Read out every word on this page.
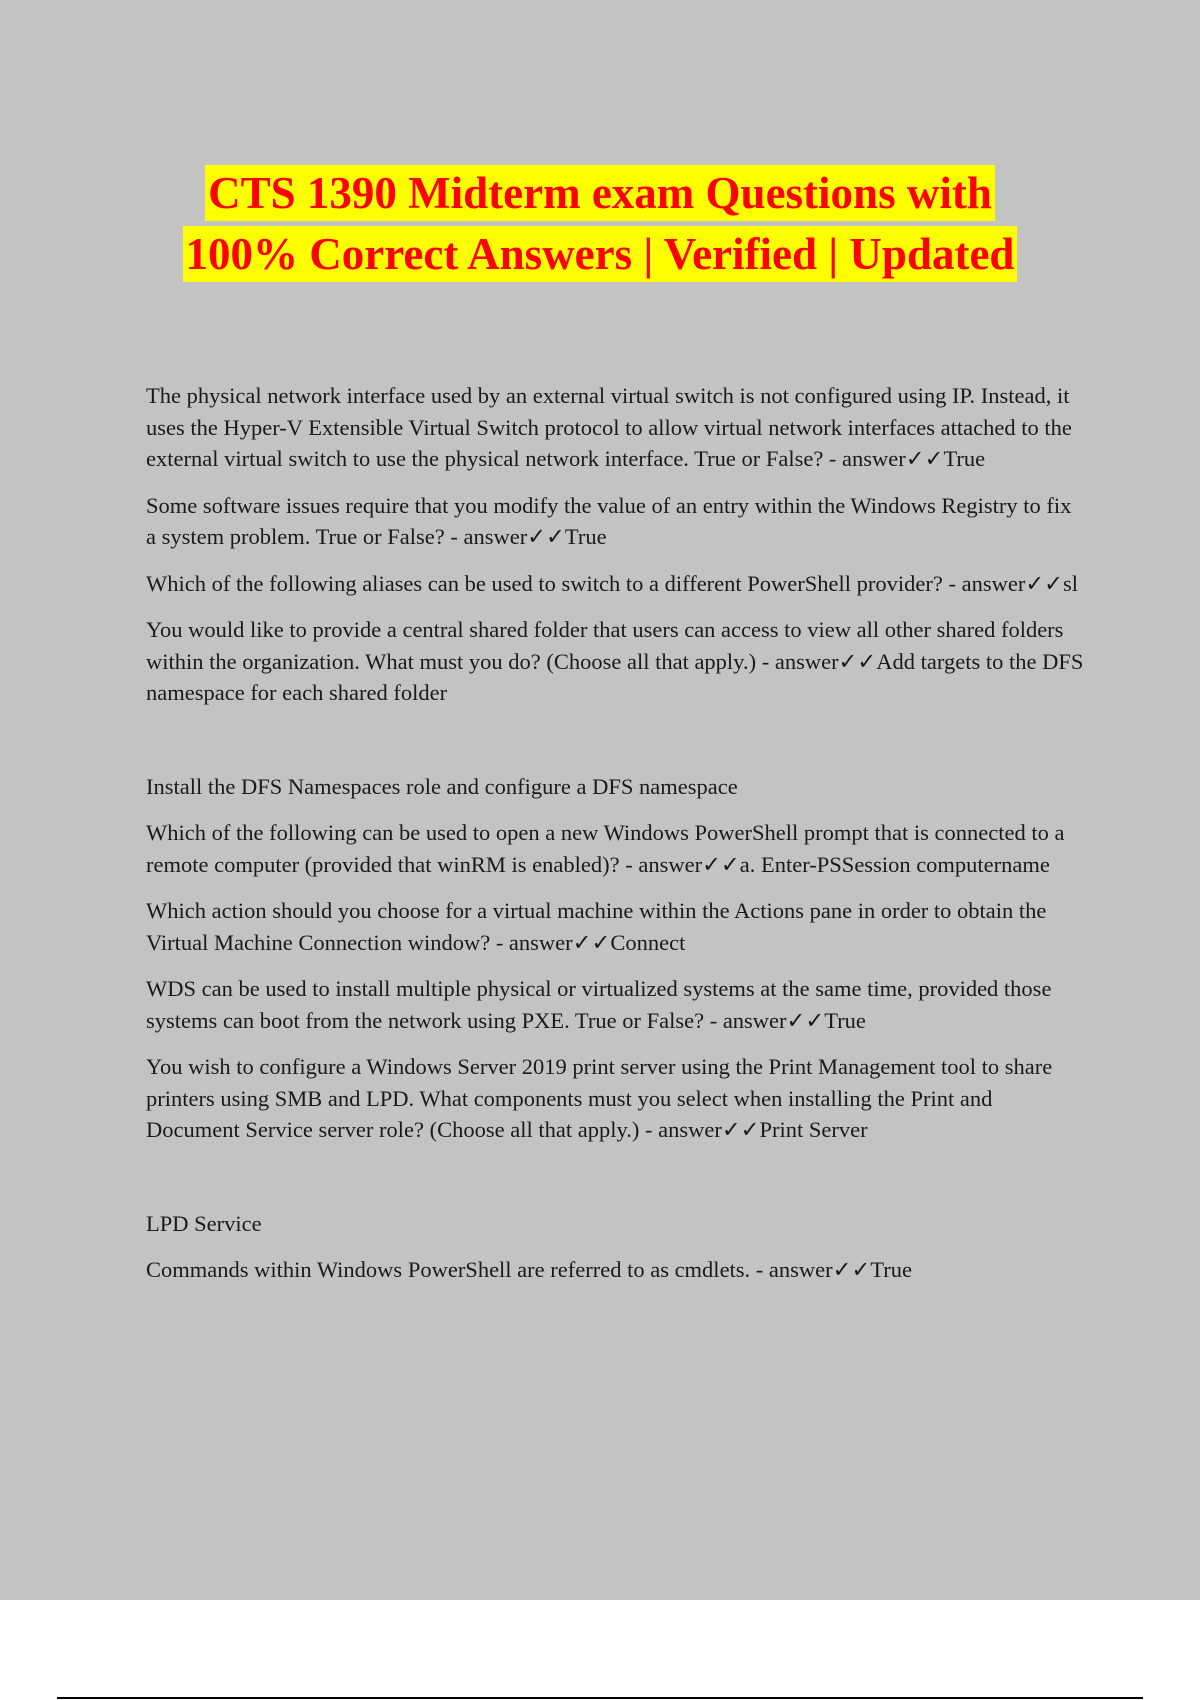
CTS 1390 Midterm exam Questions with
100% Correct Answers | Verified | Updated

The physical network interface used by an external virtual switch is not configured using IP. Instead, it uses the Hyper-V Extensible Virtual Switch protocol to allow virtual network interfaces attached to the external virtual switch to use the physical network interface. True or False? - answer✓✓True

Some software issues require that you modify the value of an entry within the Windows Registry to fix a system problem. True or False? - answer✓✓True

Which of the following aliases can be used to switch to a different PowerShell provider? - answer✓✓sl

You would like to provide a central shared folder that users can access to view all other shared folders within the organization. What must you do? (Choose all that apply.) - answer✓✓Add targets to the DFS namespace for each shared folder

Install the DFS Namespaces role and configure a DFS namespace

Which of the following can be used to open a new Windows PowerShell prompt that is connected to a remote computer (provided that winRM is enabled)? - answer✓✓a. Enter-PSSession computername

Which action should you choose for a virtual machine within the Actions pane in order to obtain the Virtual Machine Connection window? - answer✓✓Connect

WDS can be used to install multiple physical or virtualized systems at the same time, provided those systems can boot from the network using PXE. True or False? - answer✓✓True

You wish to configure a Windows Server 2019 print server using the Print Management tool to share printers using SMB and LPD. What components must you select when installing the Print and Document Service server role? (Choose all that apply.) - answer✓✓Print Server

LPD Service

Commands within Windows PowerShell are referred to as cmdlets. - answer✓✓True
